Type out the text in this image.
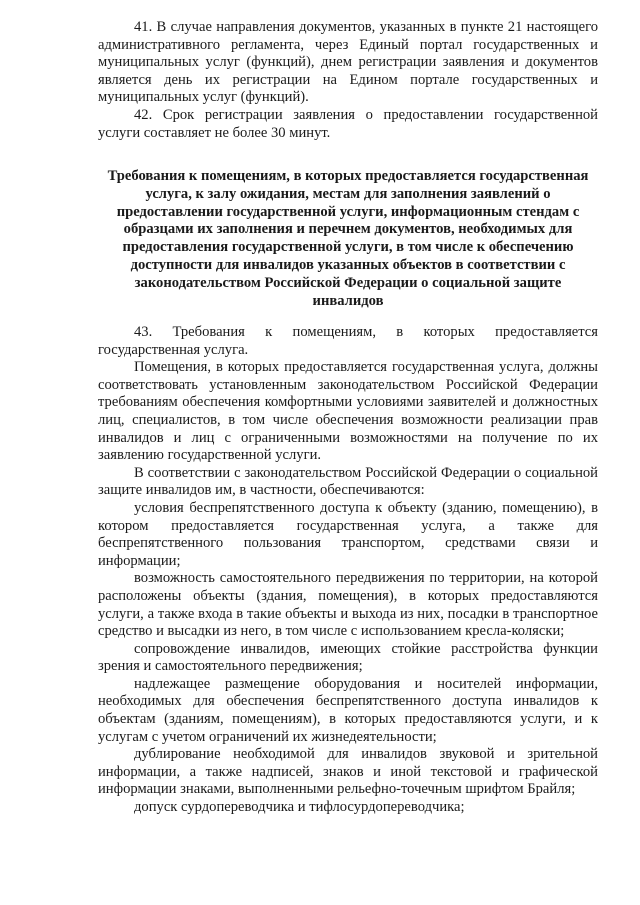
41. В случае направления документов, указанных в пункте 21 настоящего административного регламента, через Единый портал государственных и муниципальных услуг (функций), днем регистрации заявления и документов является день их регистрации на Едином портале государственных и муниципальных услуг (функций).

42. Срок регистрации заявления о предоставлении государственной услуги составляет не более 30 минут.

Требования к помещениям, в которых предоставляется государственная услуга, к залу ожидания, местам для заполнения заявлений о предоставлении государственной услуги, информационным стендам с образцами их заполнения и перечнем документов, необходимых для предоставления государственной услуги, в том числе к обеспечению доступности для инвалидов указанных объектов в соответствии с законодательством Российской Федерации о социальной защите инвалидов

43. Требования к помещениям, в которых предоставляется государственная услуга.

Помещения, в которых предоставляется государственная услуга, должны соответствовать установленным законодательством Российской Федерации требованиям обеспечения комфортными условиями заявителей и должностных лиц, специалистов, в том числе обеспечения возможности реализации прав инвалидов и лиц с ограниченными возможностями на получение по их заявлению государственной услуги.

В соответствии с законодательством Российской Федерации о социальной защите инвалидов им, в частности, обеспечиваются:

условия беспрепятственного доступа к объекту (зданию, помещению), в котором предоставляется государственная услуга, а также для беспрепятственного пользования транспортом, средствами связи и информации;

возможность самостоятельного передвижения по территории, на которой расположены объекты (здания, помещения), в которых предоставляются услуги, а также входа в такие объекты и выхода из них, посадки в транспортное средство и высадки из него, в том числе с использованием кресла-коляски;

сопровождение инвалидов, имеющих стойкие расстройства функции зрения и самостоятельного передвижения;

надлежащее размещение оборудования и носителей информации, необходимых для обеспечения беспрепятственного доступа инвалидов к объектам (зданиям, помещениям), в которых предоставляются услуги, и к услугам с учетом ограничений их жизнедеятельности;

дублирование необходимой для инвалидов звуковой и зрительной информации, а также надписей, знаков и иной текстовой и графической информации знаками, выполненными рельефно-точечным шрифтом Брайля;

допуск сурдопереводчика и тифлосурдопереводчика;
